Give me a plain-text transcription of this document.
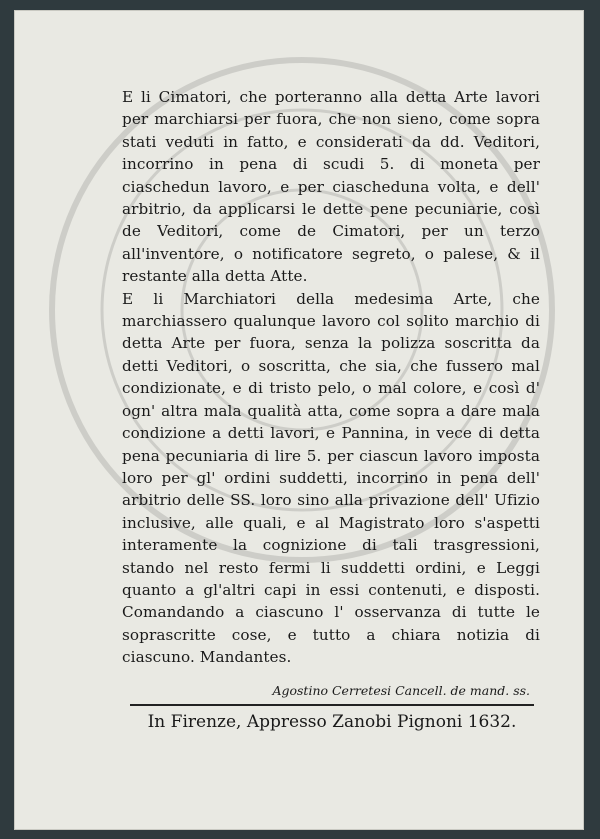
E li Cimatori, che porteranno alla detta Arte lavori per marchiarsi per fuora, che non sieno, come sopra stati veduti in fatto, e considerati da dd. Veditori, incorrino in pena di scudi 5. di moneta per ciaschedun lavoro, e per ciascheduna volta, e dell' arbitrio, da applicarsi le dette pene pecuniarie, così de Veditori, come de Cimatori, per un terzo all'inventore, o notificatore segreto, o palese, & il restante alla detta Atte.

E li Marchiatori della medesima Arte, che marchiassero qualunque lavoro col solito marchio di detta Arte per fuora, senza la polizza soscritta da detti Veditori, o soscritta, che sia, che fussero mal condizionate, e di tristo pelo, o mal colore, e così d' ogn' altra mala qualità atta, come sopra a dare mala condizione a detti lavori, e Pannina, in vece di detta pena pecuniaria di lire 5. per ciascun lavoro imposta loro per gl' ordini suddetti, incorrino in pena dell' arbitrio delle SS. loro sino alla privazione dell' Ufizio inclusive, alle quali, e al Magistrato loro s'aspetti interamente la cognizione di tali trasgressioni, stando nel resto fermi li suddetti ordini, e Leggi quanto a gl'altri capi in essi contenuti, e disposti. Comandando a ciascuno l' osservanza di tutte le soprascritte cose, e tutto a chiara notizia di ciascuno. Mandantes.

Agostino Cerretesi Cancell. de mand. ss.
In Firenze, Appresso Zanobi Pignoni 1632.
